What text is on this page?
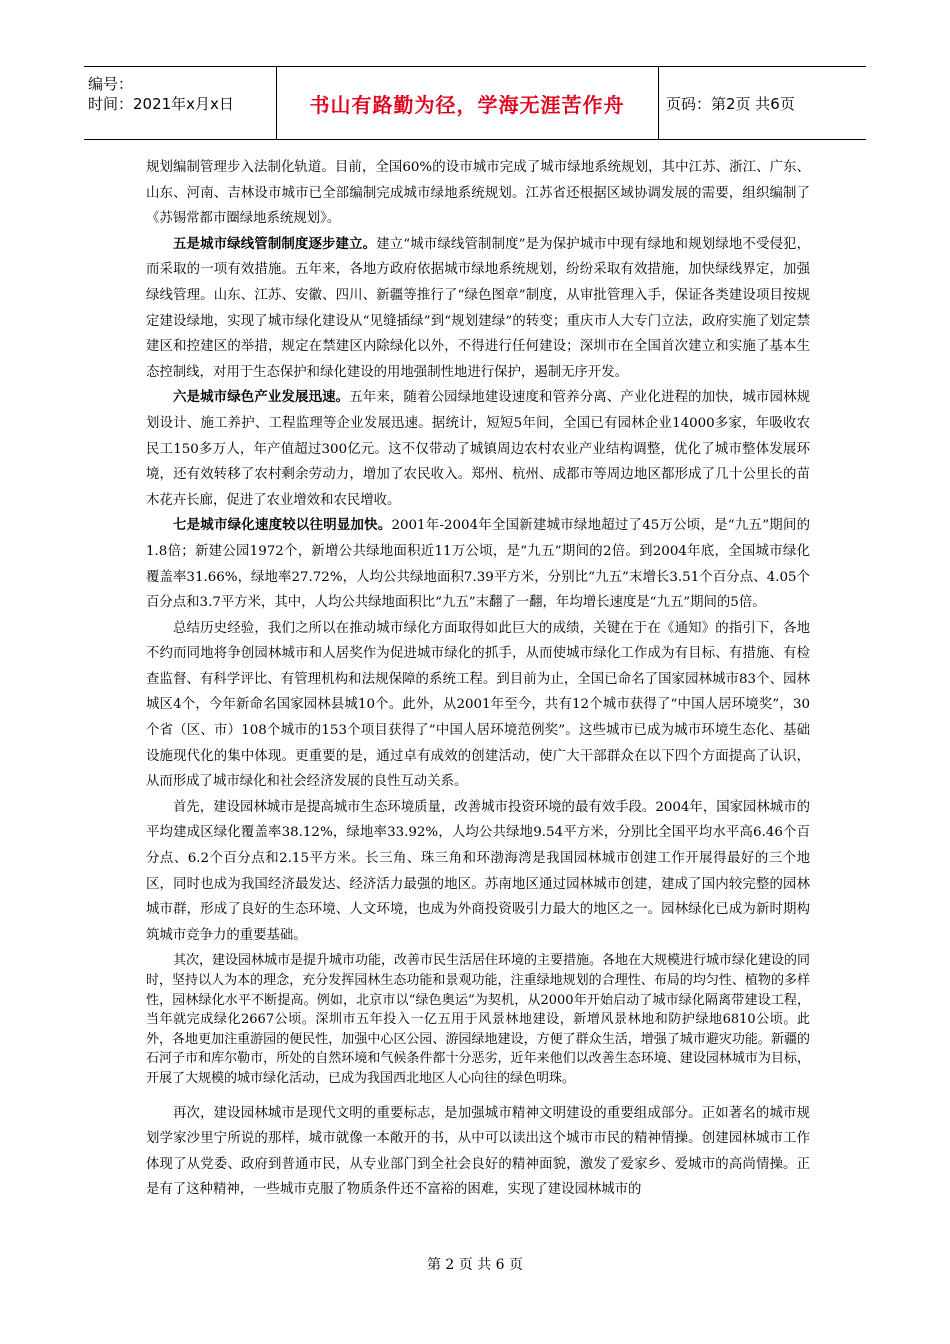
编号：
时间：2021年x月x日	书山有路勤为径，学海无涯苦作舟	页码：第2页 共6页

规划编制管理步入法制化轨道。目前，全国60%的设市城市完成了城市绿地系统规划，其中江苏、浙江、广东、山东、河南、吉林设市城市已全部编制完成城市绿地系统规划。江苏省还根据区域协调发展的需要，组织编制了《苏锡常都市圈绿地系统规划》。

五是城市绿线管制制度逐步建立。建立“城市绿线管制制度”是为保护城市中现有绿地和规划绿地不受侵犯，而采取的一项有效措施。五年来，各地方政府依据城市绿地系统规划，纷纷采取有效措施，加快绿线界定，加强绿线管理。山东、江苏、安徽、四川、新疆等推行了“绿色图章”制度，从审批管理入手，保证各类建设项目按规定建设绿地，实现了城市绿化建设从“见缝插绿”到“规划建绿”的转变；重庆市人大专门立法，政府实施了划定禁建区和控建区的举措，规定在禁建区内除绿化以外，不得进行任何建设；深圳市在全国首次建立和实施了基本生态控制线，对用于生态保护和绿化建设的用地强制性地进行保护，遏制无序开发。

六是城市绿色产业发展迅速。五年来，随着公园绿地建设速度和管养分离、产业化进程的加快，城市园林规划设计、施工养护、工程监理等企业发展迅速。据统计，短短5年间，全国已有园林企业14000多家，年吸收农民工150多万人，年产值超过300亿元。这不仅带动了城镇周边农村农业产业结构调整，优化了城市整体发展环境，还有效转移了农村剩余劳动力，增加了农民收入。郑州、杭州、成都市等周边地区都形成了几十公里长的苗木花卉长廊，促进了农业增效和农民增收。

七是城市绿化速度较以往明显加快。2001年-2004年全国新建城市绿地超过了45万公顷，是“九五”期间的1.8倍；新建公园1972个，新增公共绿地面积近11万公顷，是“九五”期间的2倍。到2004年底，全国城市绿化覆盖率31.66%，绿地率27.72%，人均公共绿地面积7.39平方米，分别比“九五”末增长3.51个百分点、4.05个百分点和3.7平方米，其中，人均公共绿地面积比“九五”末翻了一翻，年均增长速度是“九五”期间的5倍。

总结历史经验，我们之所以在推动城市绿化方面取得如此巨大的成绩，关键在于在《通知》的指引下，各地不约而同地将争创园林城市和人居奖作为促进城市绿化的抓手，从而使城市绿化工作成为有目标、有措施、有检查监督、有科学评比、有管理机构和法规保障的系统工程。到目前为止，全国已命名了国家园林城市83个、园林城区4个，今年新命名国家园林县城10个。此外，从2001年至今，共有12个城市获得了“中国人居环境奖”，30个省（区、市）108个城市的153个项目获得了“中国人居环境范例奖”。这些城市已成为城市环境生态化、基础设施现代化的集中体现。更重要的是，通过卓有成效的创建活动，使广大干部群众在以下四个方面提高了认识，从而形成了城市绿化和社会经济发展的良性互动关系。

首先，建设园林城市是提高城市生态环境质量，改善城市投资环境的最有效手段。2004年，国家园林城市的平均建成区绿化覆盖率38.12%，绿地率33.92%，人均公共绿地9.54平方米，分别比全国平均水平高6.46个百分点、6.2个百分点和2.15平方米。长三角、珠三角和环渤海湾是我国园林城市创建工作开展得最好的三个地区，同时也成为我国经济最发达、经济活力最强的地区。苏南地区通过园林城市创建，建成了国内较完整的园林城市群，形成了良好的生态环境、人文环境，也成为外商投资吸引力最大的地区之一。园林绿化已成为新时期构筑城市竞争力的重要基础。

其次，建设园林城市是提升城市功能，改善市民生活居住环境的主要措施。各地在大规模进行城市绿化建设的同时，坚持以人为本的理念，充分发挥园林生态功能和景观功能，注重绿地规划的合理性、布局的均匀性、植物的多样性，园林绿化水平不断提高。例如，北京市以“绿色奥运”为契机，从2000年开始启动了城市绿化隔离带建设工程，当年就完成绿化2667公顷。深圳市五年投入一亿五用于风景林地建设，新增风景林地和防护绿地6810公顷。此外，各地更加注重游园的便民性，加强中心区公园、游园绿地建设，方便了群众生活，增强了城市避灾功能。新疆的石河子市和库尔勒市，所处的自然环境和气候条件都十分恶劣，近年来他们以改善生态环境、建设园林城市为目标，开展了大规模的城市绿化活动，已成为我国西北地区人心向往的绿色明珠。

再次，建设园林城市是现代文明的重要标志，是加强城市精神文明建设的重要组成部分。正如著名的城市规划学家沙里宁所说的那样，城市就像一本敞开的书，从中可以读出这个城市市民的精神情操。创建园林城市工作体现了从党委、政府到普通市民，从专业部门到全社会良好的精神面貌，激发了爱家乡、爱城市的高尚情操。正是有了这种精神，一些城市克服了物质条件还不富裕的困难，实现了建设园林城市的

第 2 页 共 6 页
